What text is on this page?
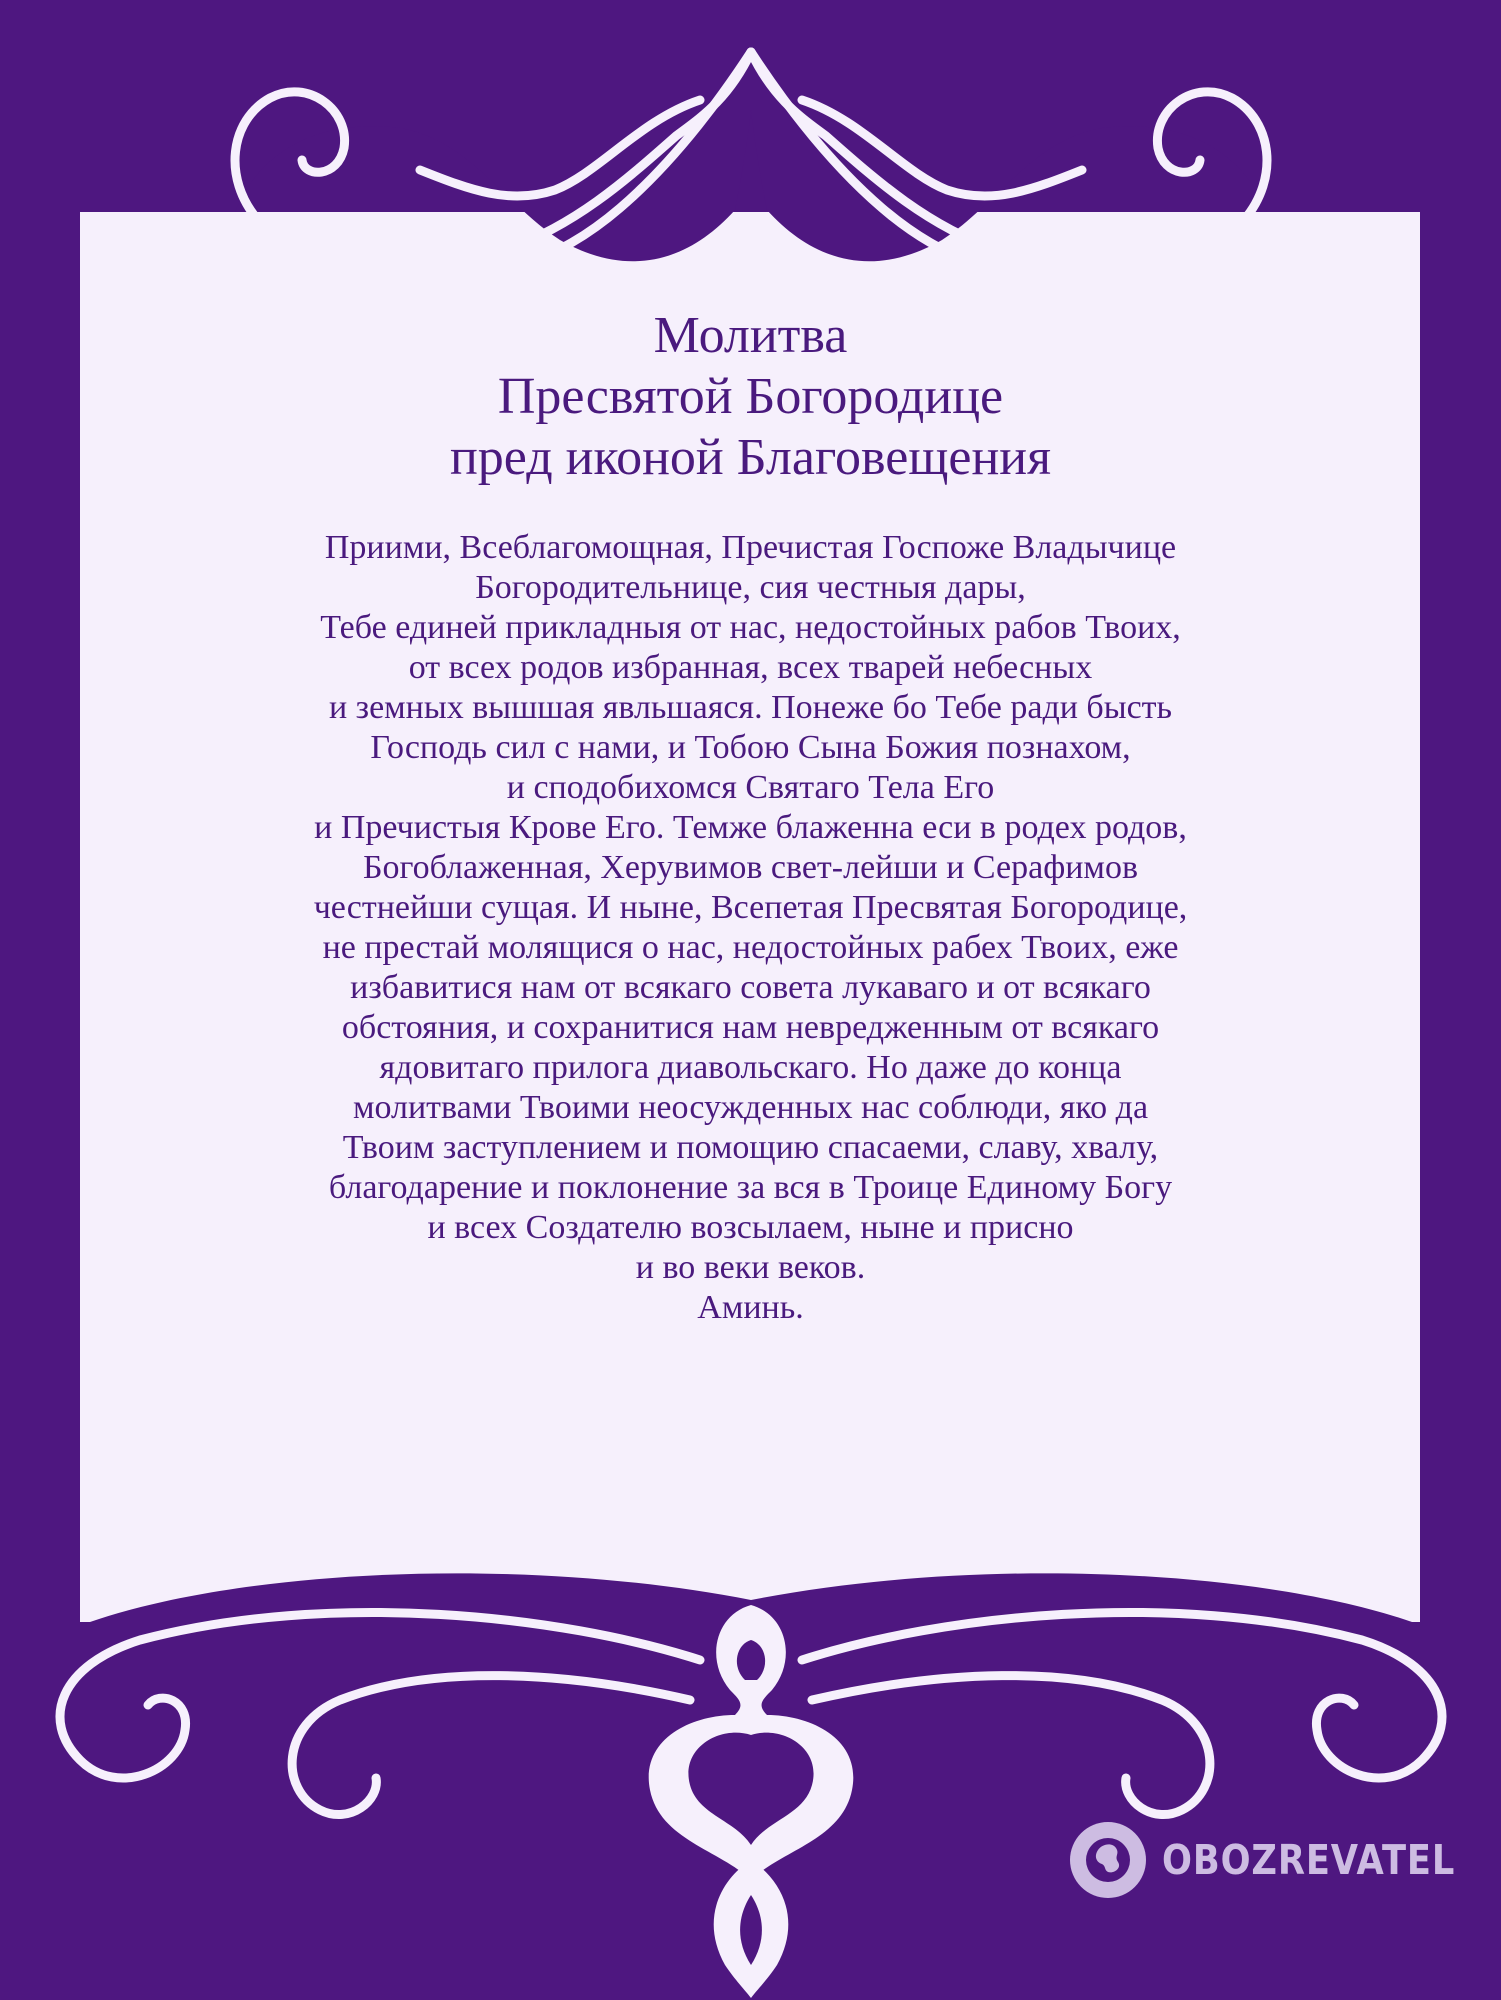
Молитва
Пресвятой Богородице
пред иконой Благовещения
Приими, Всеблагомощная, Пречистая Госпоже Владычице
Богородительнице, сия честныя дары,
Тебе единей прикладныя от нас, недостойных рабов Твоих,
от всех родов избранная, всех тварей небесных
и земных вышшая явльшаяся. Понеже бо Тебе ради бысть
Господь сил с нами, и Тобою Сына Божия познахом,
и сподобихомся Святаго Тела Его
и Пречистыя Крове Его. Темже блаженна еси в родех родов,
Богоблаженная, Херувимов свет-лейши и Серафимов
честнейши сущая. И ныне, Всепетая Пресвятая Богородице,
не престай молящися о нас, недостойных рабех Твоих, еже
избавитися нам от всякаго совета лукаваго и от всякаго
обстояния, и сохранитися нам невредженным от всякаго
ядовитаго прилога диавольскаго. Но даже до конца
молитвами Твоими неосужденных нас соблюди, яко да
Твоим заступлением и помощию спасаеми, славу, хвалу,
благодарение и поклонение за вся в Троице Единому Богу
и всех Создателю возсылаем, ныне и присно
и во веки веков.
Аминь.
OBOZREVATEL
